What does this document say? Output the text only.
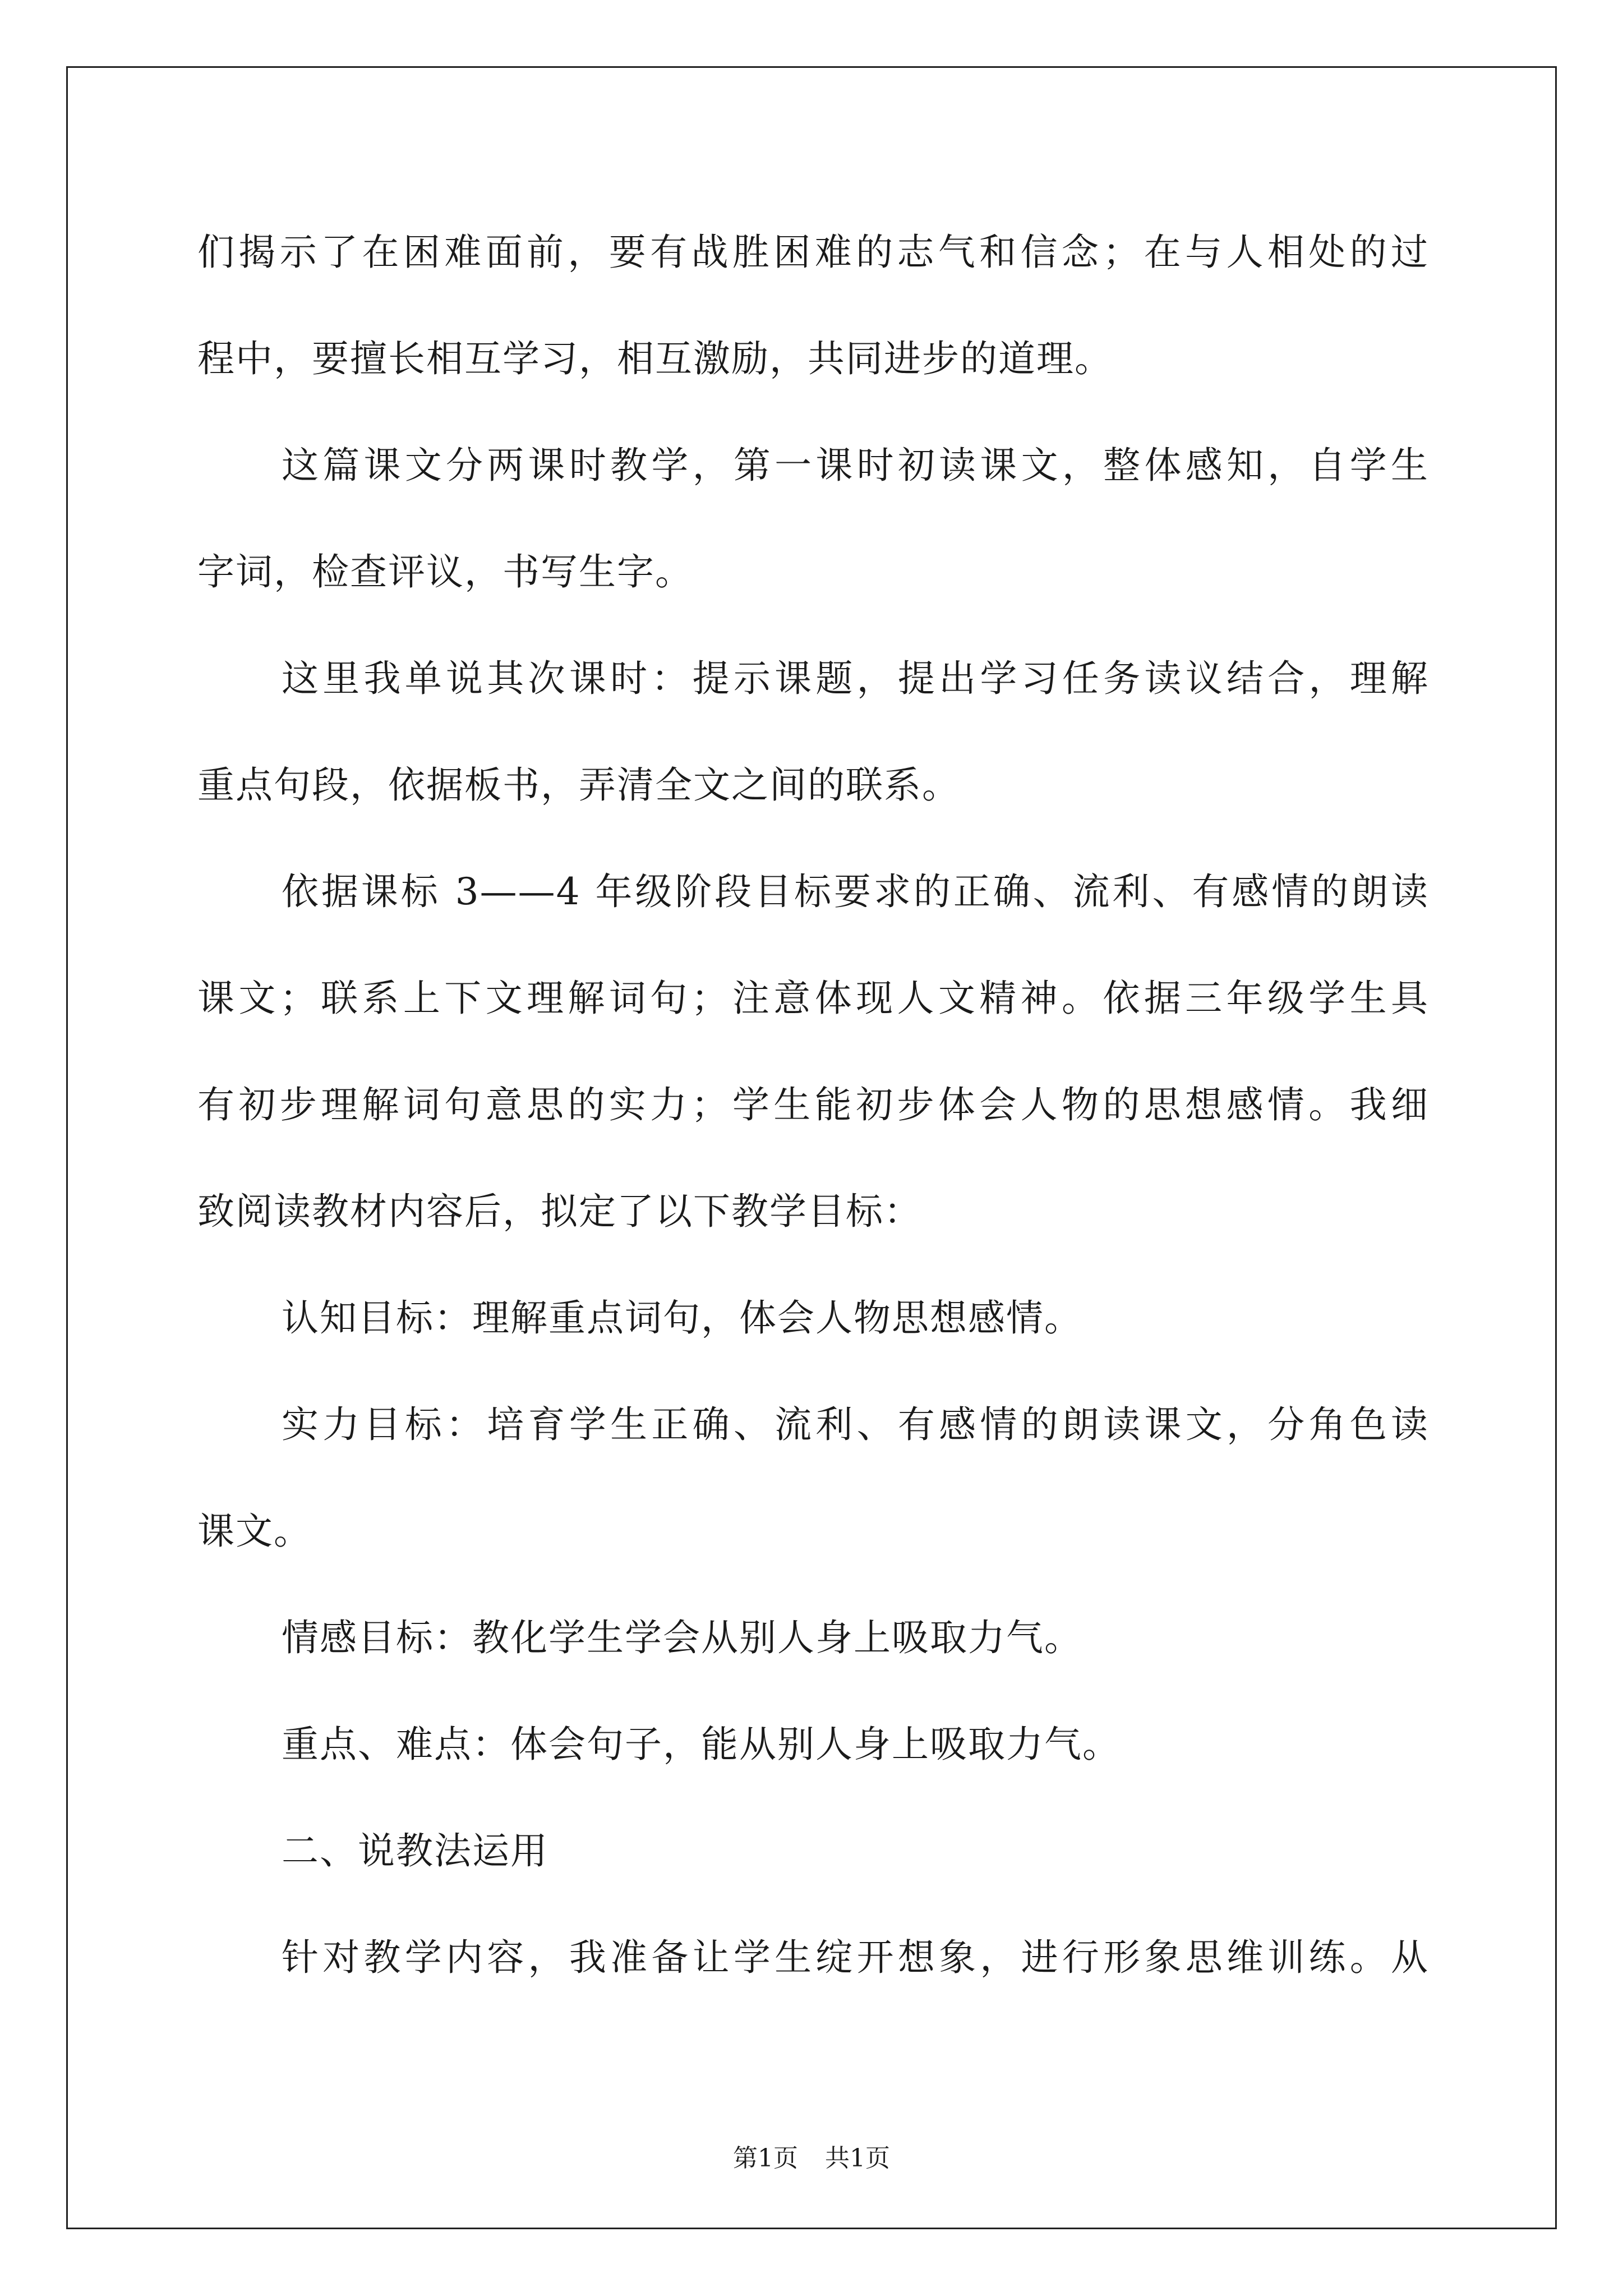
们揭示了在困难面前，要有战胜困难的志气和信念；在与人相处的过
程中，要擅长相互学习，相互激励，共同进步的道理。
这篇课文分两课时教学，第一课时初读课文，整体感知，自学生
字词，检查评议，书写生字。
这里我单说其次课时：提示课题，提出学习任务读议结合，理解
重点句段，依据板书，弄清全文之间的联系。
依据课标 3——4 年级阶段目标要求的正确、流利、有感情的朗读
课文；联系上下文理解词句；注意体现人文精神。依据三年级学生具
有初步理解词句意思的实力；学生能初步体会人物的思想感情。我细
致阅读教材内容后，拟定了以下教学目标：
认知目标：理解重点词句，体会人物思想感情。
实力目标：培育学生正确、流利、有感情的朗读课文，分角色读
课文。
情感目标：教化学生学会从别人身上吸取力气。
重点、难点：体会句子，能从别人身上吸取力气。
二、说教法运用
针对教学内容，我准备让学生绽开想象，进行形象思维训练。从
第1页 共1页
